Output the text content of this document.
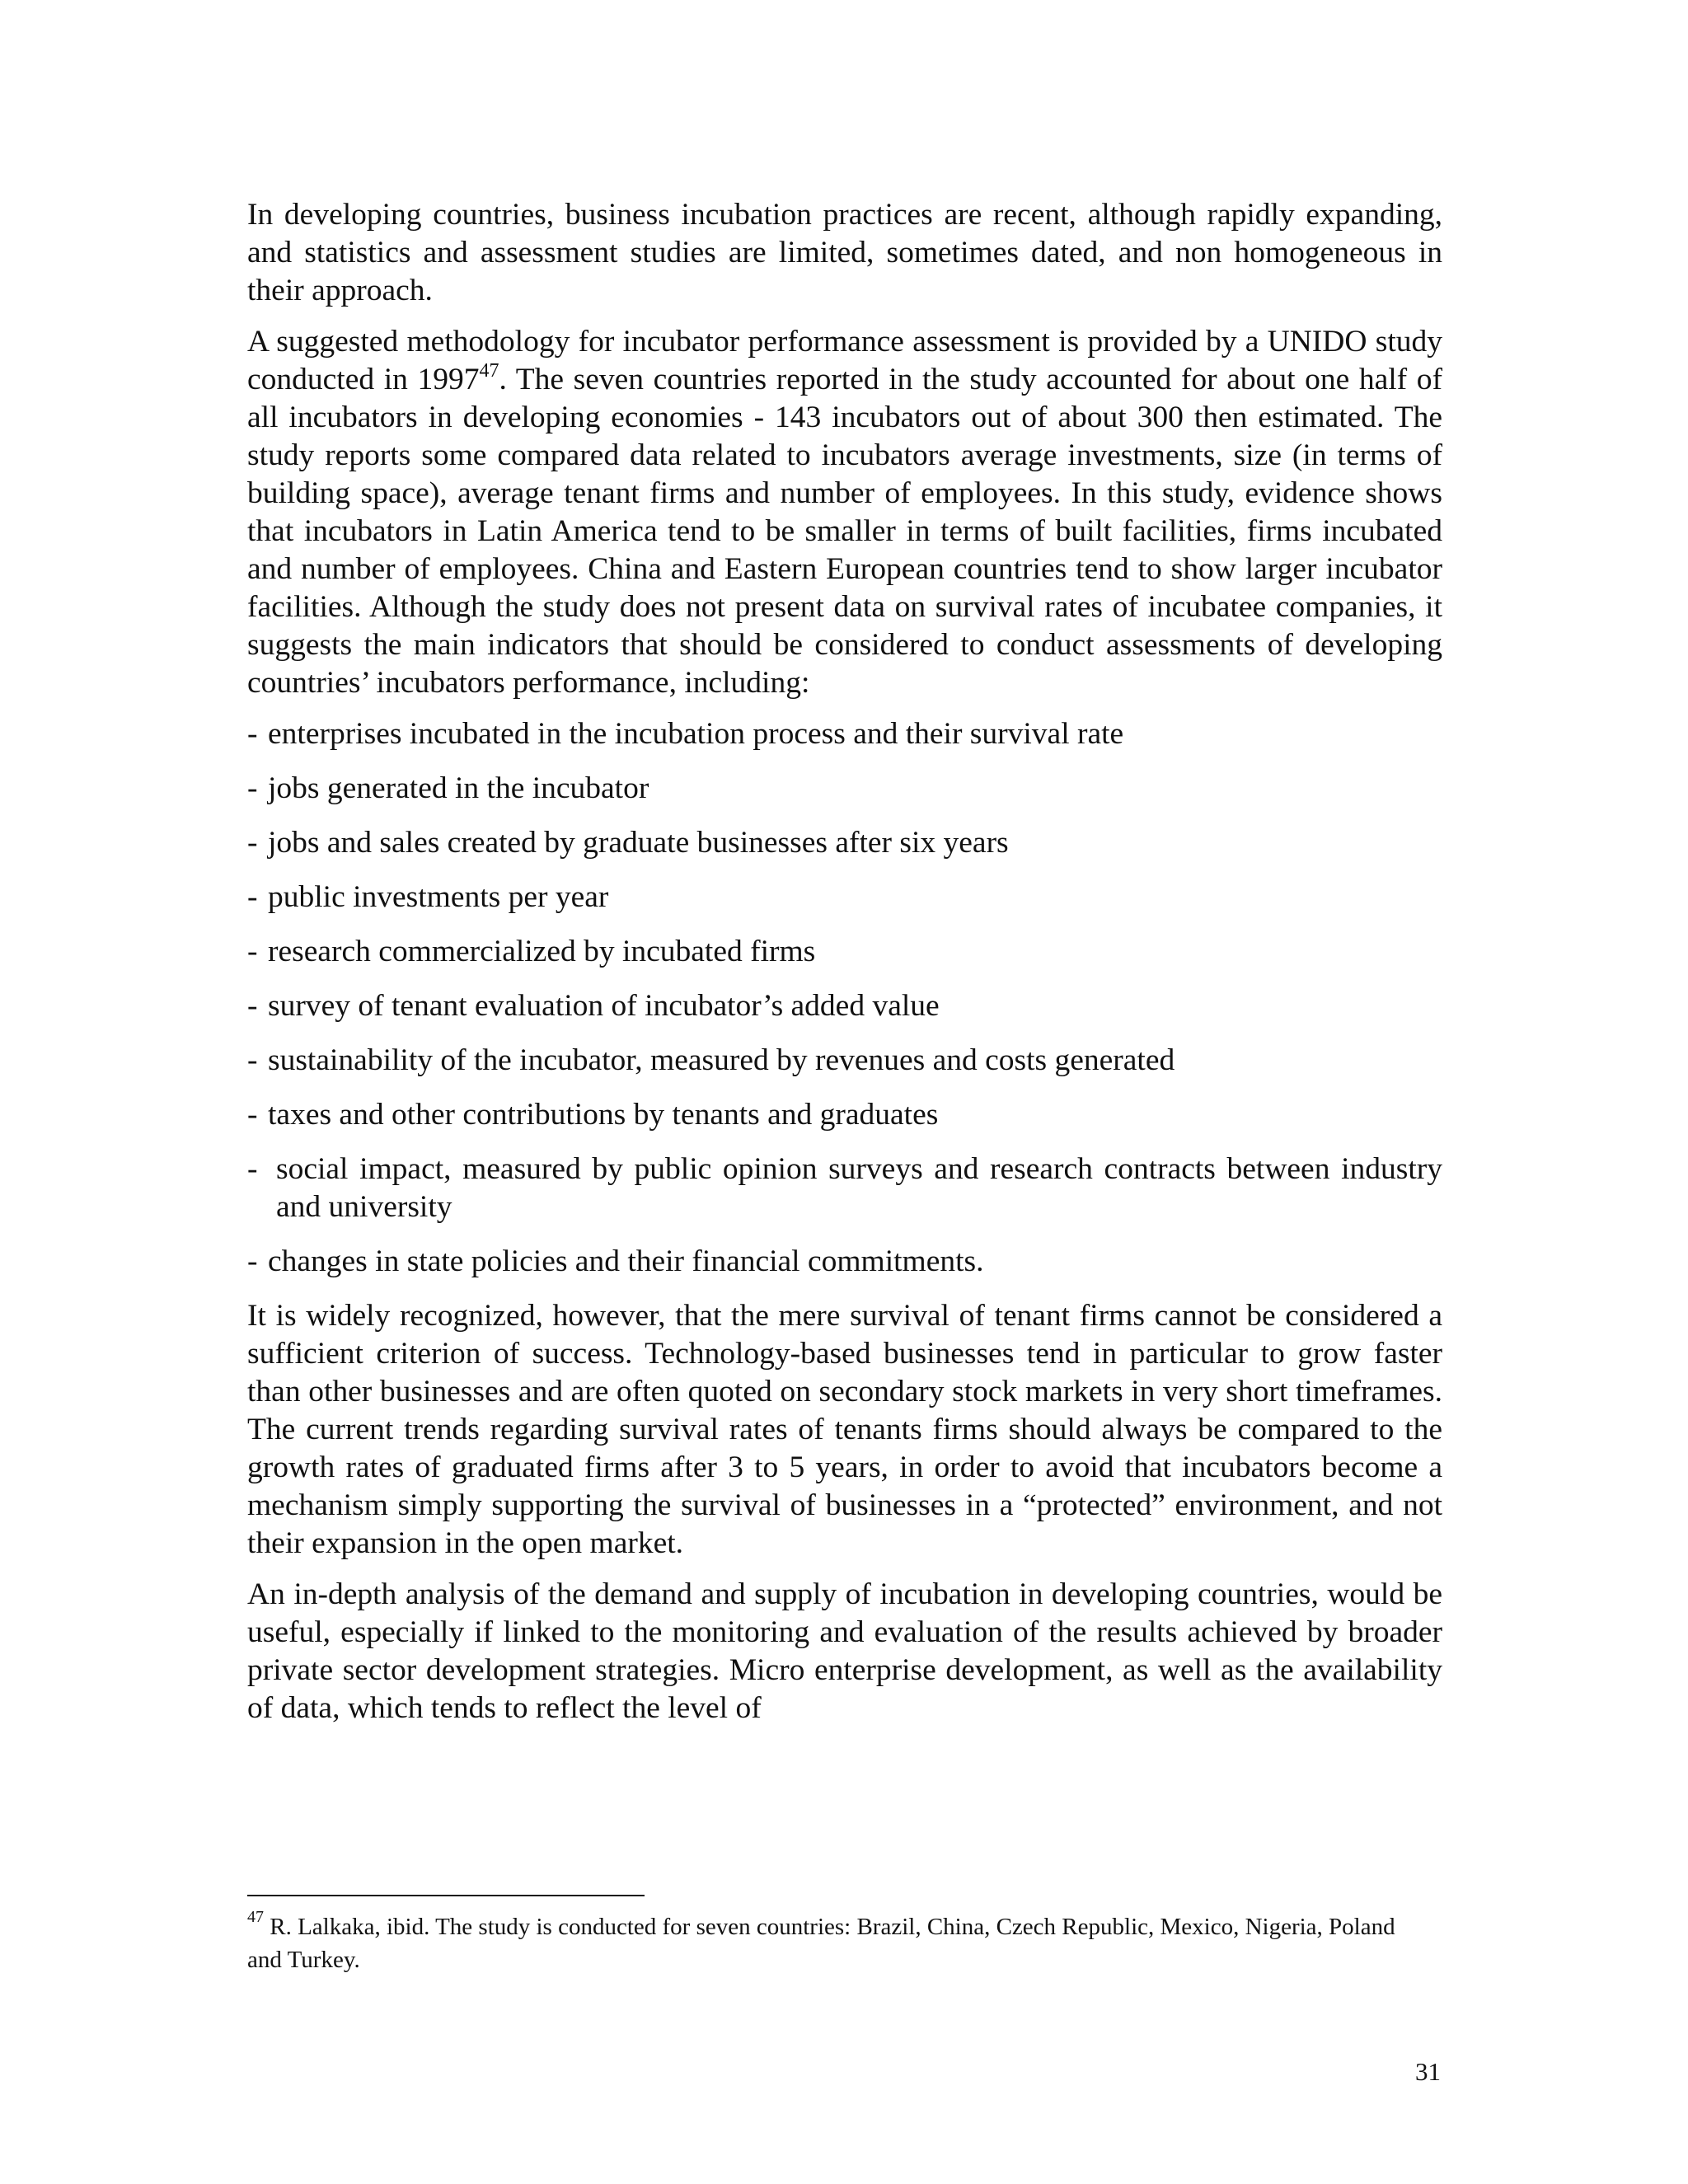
In developing countries, business incubation practices are recent, although rapidly expanding, and statistics and assessment studies are limited, sometimes dated, and non homogeneous in their approach.

A suggested methodology for incubator performance assessment is provided by a UNIDO study conducted in 1997$^{47}$. The seven countries reported in the study accounted for about one half of all incubators in developing economies - 143 incubators out of about 300 then estimated. The study reports some compared data related to incubators average investments, size (in terms of building space), average tenant firms and number of employees. In this study, evidence shows that incubators in Latin America tend to be smaller in terms of built facilities, firms incubated and number of employees. China and Eastern European countries tend to show larger incubator facilities. Although the study does not present data on survival rates of incubatee companies, it suggests the main indicators that should be considered to conduct assessments of developing countries’ incubators performance, including:

- enterprises incubated in the incubation process and their survival rate
- jobs generated in the incubator
- jobs and sales created by graduate businesses after six years
- public investments per year
- research commercialized by incubated firms
- survey of tenant evaluation of incubator’s added value
- sustainability of the incubator, measured by revenues and costs generated
- taxes and other contributions by tenants and graduates
- social impact, measured by public opinion surveys and research contracts between industry and university
- changes in state policies and their financial commitments.

It is widely recognized, however, that the mere survival of tenant firms cannot be considered a sufficient criterion of success. Technology-based businesses tend in particular to grow faster than other businesses and are often quoted on secondary stock markets in very short timeframes. The current trends regarding survival rates of tenants firms should always be compared to the growth rates of graduated firms after 3 to 5 years, in order to avoid that incubators become a mechanism simply supporting the survival of businesses in a “protected” environment, and not their expansion in the open market.

An in-depth analysis of the demand and supply of incubation in developing countries, would be useful, especially if linked to the monitoring and evaluation of the results achieved by broader private sector development strategies. Micro enterprise development, as well as the availability of data, which tends to reflect the level of

$^{47}$ R. Lalkaka, ibid. The study is conducted for seven countries: Brazil, China, Czech Republic, Mexico, Nigeria, Poland and Turkey.
31
